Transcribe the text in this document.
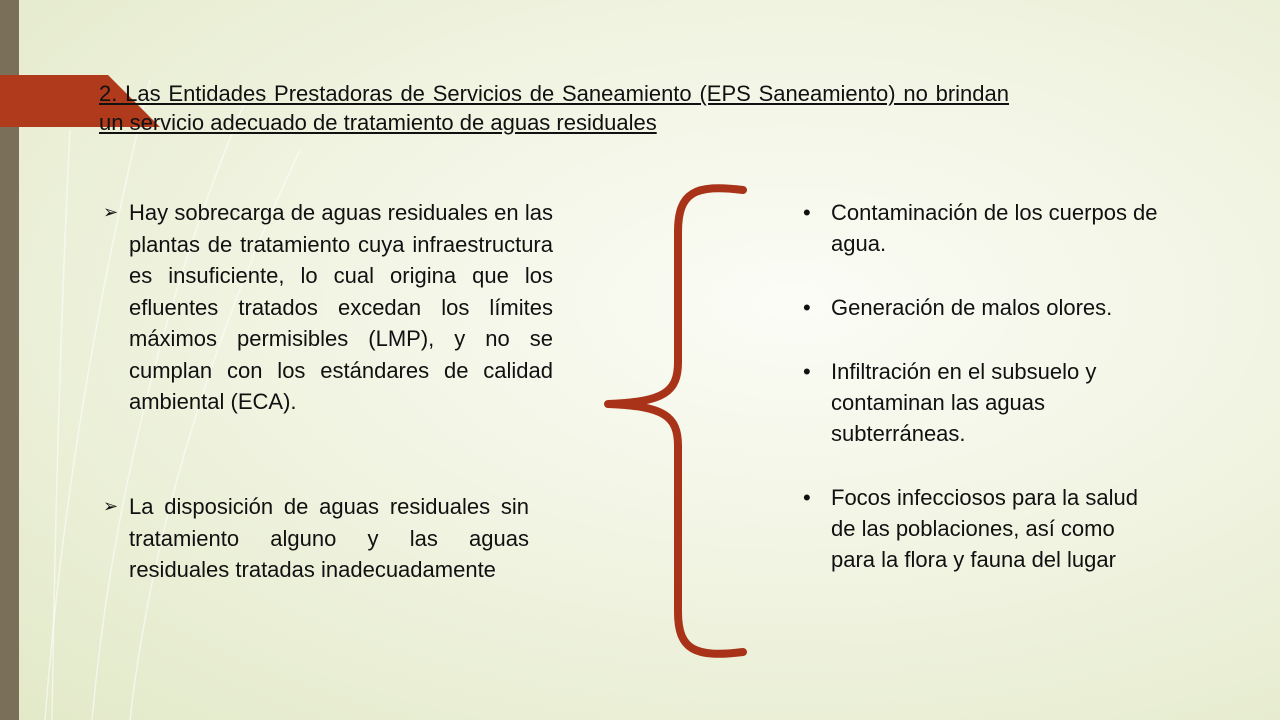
2. Las Entidades Prestadoras de Servicios de Saneamiento (EPS Saneamiento) no brindan un servicio adecuado de tratamiento de aguas residuales
➢ Hay sobrecarga de aguas residuales en las plantas de tratamiento cuya infraestructura es insuficiente, lo cual origina que los efluentes tratados excedan los límites máximos permisibles (LMP), y no se cumplan con los estándares de calidad ambiental (ECA).
➢ La disposición de aguas residuales sin tratamiento alguno y las aguas residuales tratadas inadecuadamente
• Contaminación de los cuerpos de agua.
• Generación de malos olores.
• Infiltración en el subsuelo y contaminan las aguas subterráneas.
• Focos infecciosos para la salud de las poblaciones, así como para la flora y fauna del lugar
